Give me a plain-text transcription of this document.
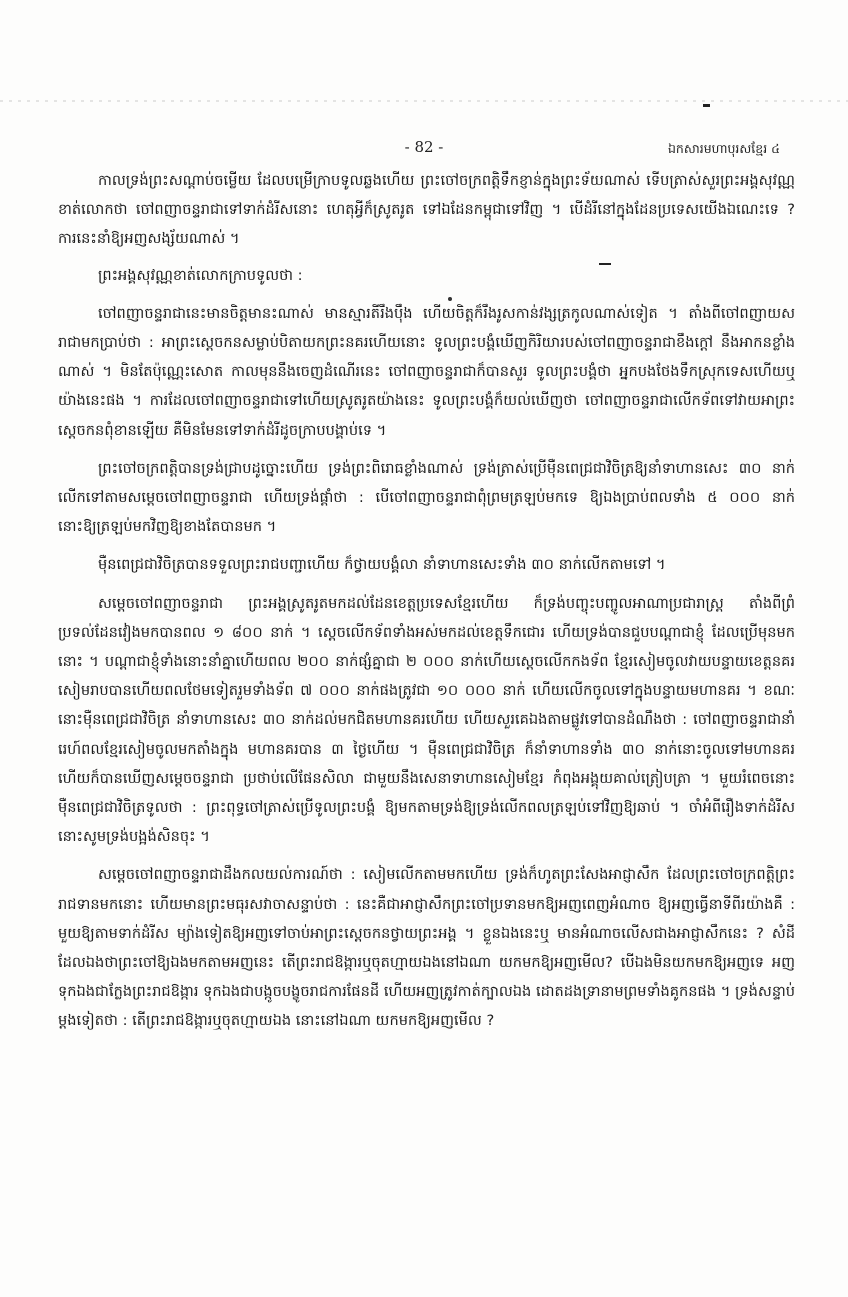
- 82 -	ឯកសារមហាបុរសខ្មែរ ៤

កាលទ្រង់ព្រះសណ្ដាប់ចម្លើយ ដែលបម្រើក្រាបទូលឆ្លងហើយ ព្រះចៅចក្រពត្តិទឹកខ្ញាន់ក្នុងព្រះទ័យណាស់ ទើបត្រាស់សួរព្រះអង្គសុវណ្ណខាត់លោកថា ចៅពញាចន្ទរាជាទៅទាក់ដំរីសនោះ ហេតុអ្វីក៏ស្រូតរូត ទៅឯដែនកម្ពុជាទៅវិញ ។ បើដំរីនៅក្នុងដែនប្រទេសយើងឯណេះទេ ? ការនេះនាំឱ្យអញសង្ស័យណាស់ ។

ព្រះអង្គសុវណ្ណខាត់លោកក្រាបទូលថា :

ចៅពញាចន្ទរាជានេះមានចិត្តមានះណាស់ មានស្មារតីរឹងប៉ឹង ហើយចិត្តក៏រឹងរូសកាន់វង្សត្រកូលណាស់ទៀត ។ តាំងពីចៅពញាយសរាជាមកប្រាប់ថា : អាព្រះស្ដេចកនសម្លាប់បិតាយកព្រះនគរហើយនោះ ទូលព្រះបង្គំឃើញកិរិយារបស់ចៅពញាចន្ទរាជាខឹងក្ដៅ នឹងអាកនខ្លាំងណាស់ ។ មិនតែប៉ុណ្ណេះសោត កាលមុននឹងចេញដំណើរនេះ ចៅពញាចន្ទរាជាក៏បានសួរ ទូលព្រះបង្គំថា អ្នកបងថែងទឹកស្រុកទេសហើយឬយ៉ាងនេះផង ។ ការដែលចៅពញាចន្ទរាជាទៅហើយស្រូតរូតយ៉ាងនេះ ទូលព្រះបង្គំក៏យល់ឃើញថា ចៅពញាចន្ទរាជាលើកទ័ពទៅវាយអាព្រះស្ដេចកនពុំខានឡើយ គឺមិនមែនទៅទាក់ដំរីដូចក្រាបបង្គាប់ទេ ។

ព្រះចៅចក្រពត្តិបានទ្រង់ជ្រាបដូច្នោះហើយ ទ្រង់ព្រះពិរោធខ្លាំងណាស់ ទ្រង់ត្រាស់ប្រើម៉ឺនពេជ្រជាវិចិត្រឱ្យនាំទាហានសេះ ៣០ នាក់ លើកទៅតាមសម្ដេចចៅពញាចន្ទរាជា ហើយទ្រង់ផ្ដាំថា : បើចៅពញាចន្ទរាជាពុំព្រមត្រឡប់មកទេ ឱ្យឯងប្រាប់ពលទាំង ៥ ០០០ នាក់នោះឱ្យត្រឡប់មកវិញឱ្យខាងតែបានមក ។

ម៉ឺនពេជ្រជាវិចិត្របានទទួលព្រះរាជបញ្ជាហើយ ក៏ថ្វាយបង្គំលា នាំទាហានសេះទាំង ៣០ នាក់លើកតាមទៅ ។

សម្ដេចចៅពញាចន្ទរាជា ព្រះអង្គស្រូតរូតមកដល់ដែនខេត្តប្រទេសខ្មែរហើយ ក៏ទ្រង់បញ្ចុះបញ្ចូលអាណាប្រជារាស្ត្រ តាំងពីព្រំប្រទល់ដែនវៀងមកបានពល ១ ៨០០ នាក់ ។ ស្ដេចលើកទ័ពទាំងអស់មកដល់ខេត្តទឹកជោរ ហើយទ្រង់បានជួបបណ្ដាជាខ្ញុំ ដែលប្រើមុនមកនោះ ។ បណ្ដាជាខ្ញុំទាំងនោះនាំគ្នាហើយពល ២០០ នាក់ផ្សំគ្នាជា ២ ០០០ នាក់ហើយស្ដេចលើកកងទ័ព ខ្មែរសៀមចូលវាយបន្ទាយខេត្តនគរសៀមរាបបានហើយពលថែមទៀតរួមទាំងទ័ព ៧ ០០០ នាក់ផងត្រូវជា ១០ ០០០ នាក់ ហើយលើកចូលទៅក្នុងបន្ទាយមហានគរ ។ ខណៈនោះម៉ឺនពេជ្រជាវិចិត្រ នាំទាហានសេះ ៣០ នាក់ដល់មកជិតមហានគរហើយ ហើយសួរគេឯងតាមផ្លូវទៅបានដំណឹងថា : ចៅពញាចន្ទរាជានាំរេហ៍ពលខ្មែរសៀមចូលមកតាំងក្នុង មហានគរបាន ៣ ថ្ងៃហើយ ។ ម៉ឺនពេជ្រជាវិចិត្រ ក៏នាំទាហានទាំង ៣០ នាក់នោះចូលទៅមហានគរ ហើយក៏បានឃើញសម្ដេចចន្ទរាជា ប្រថាប់លើផែនសិលា ជាមួយនឹងសេនាទាហានសៀមខ្មែរ កំពុងអង្គុយគាល់ត្រៀបត្រា ។ មួយរំពេចនោះ ម៉ឺនពេជ្រជាវិចិត្រទូលថា : ព្រះពុទ្ធចៅត្រាស់ប្រើទូលព្រះបង្គំ ឱ្យមកតាមទ្រង់ឱ្យទ្រង់លើកពលត្រឡប់ទៅវិញឱ្យឆាប់ ។ ចាំអំពីរឿងទាក់ដំរីសនោះសូមទ្រង់បង្អង់សិនចុះ ។

សម្ដេចចៅពញាចន្ទរាជាដឹងកលយល់ការណ៍ថា : សៀមលើកតាមមកហើយ ទ្រង់ក៏ហូតព្រះសែងអាជ្ញាសឹក ដែលព្រះចៅចក្រពត្តិព្រះរាជទានមកនោះ ហើយមានព្រះមធុរសវាចាសន្ទាប់ថា : នេះគឺជាអាជ្ញាសឹកព្រះចៅប្រទានមកឱ្យអញពេញអំណាច ឱ្យអញធ្វើនាទីពីរយ៉ាងគឺ : មួយឱ្យតាមទាក់ដំរីស ម្យ៉ាងទៀតឱ្យអញទៅចាប់អាព្រះស្ដេចកនថ្វាយព្រះអង្គ ។ ខ្លួនឯងនេះឬ មានអំណាចលើសជាងអាជ្ញាសឹកនេះ ? សំដីដែលឯងថាព្រះចៅឱ្យឯងមកតាមអញនេះ តើព្រះរាជឱង្ការឬចុតហ្មាយឯងនៅឯណា យកមកឱ្យអញមើល? បើឯងមិនយកមកឱ្យអញទេ អញទុកឯងជាក្លែងព្រះរាជឱង្ការ ទុកឯងជាបង្កូចបង្ខូចរាជការផែនដី ហើយអញត្រូវកាត់ក្បាលឯង ដោតដងទ្រានាមព្រមទាំងគូកនផង ។ ទ្រង់សន្ទាប់ម្ដងទៀតថា : តើព្រះរាជឱង្ការឬចុតហ្មាយឯង នោះនៅឯណា យកមកឱ្យអញមើល ?
